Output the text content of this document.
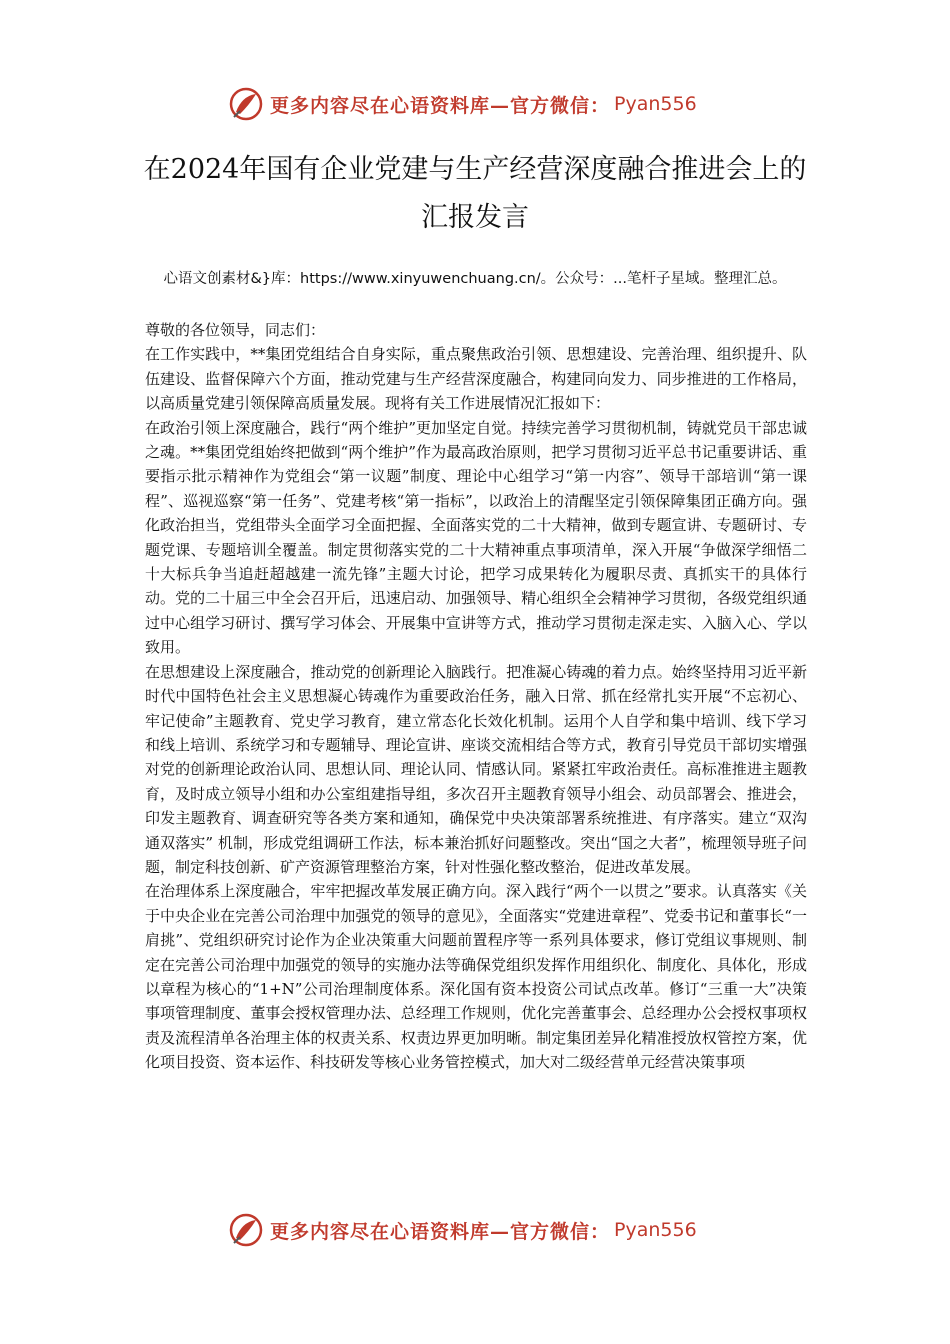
更多内容尽在心语资料库—官方微信： Pyan556
在2024年国有企业党建与生产经营深度融合推进会上的汇报发言
心语文创素材&}库：https://www.xinyuwenchuang.cn/。公众号：...笔杆子星域。整理汇总。

尊敬的各位领导，同志们：

在工作实践中，**集团党组结合自身实际，重点聚焦政治引领、思想建设、完善治理、组织提升、队伍建设、监督保障六个方面，推动党建与生产经营深度融合，构建同向发力、同步推进的工作格局，以高质量党建引领保障高质量发展。现将有关工作进展情况汇报如下：

在政治引领上深度融合，践行“两个维护”更加坚定自觉。持续完善学习贯彻机制，铸就党员干部忠诚之魂。**集团党组始终把做到“两个维护”作为最高政治原则，把学习贯彻习近平总书记重要讲话、重要指示批示精神作为党组会“第一议题”制度、理论中心组学习“第一内容”、领导干部培训“第一课程”、巡视巡察“第一任务”、党建考核“第一指标”，以政治上的清醒坚定引领保障集团正确方向。强化政治担当，党组带头全面学习全面把握、全面落实党的二十大精神，做到专题宣讲、专题研讨、专题党课、专题培训全覆盖。制定贯彻落实党的二十大精神重点事项清单，深入开展“争做深学细悟二十大标兵争当追赶超越建一流先锋”主题大讨论，把学习成果转化为履职尽责、真抓实干的具体行动。党的二十届三中全会召开后，迅速启动、加强领导、精心组织全会精神学习贯彻，各级党组织通过中心组学习研讨、撰写学习体会、开展集中宣讲等方式，推动学习贯彻走深走实、入脑入心、学以致用。

在思想建设上深度融合，推动党的创新理论入脑践行。把准凝心铸魂的着力点。始终坚持用习近平新时代中国特色社会主义思想凝心铸魂作为重要政治任务，融入日常、抓在经常扎实开展“不忘初心、牢记使命”主题教育、党史学习教育，建立常态化长效化机制。运用个人自学和集中培训、线下学习和线上培训、系统学习和专题辅导、理论宣讲、座谈交流相结合等方式，教育引导党员干部切实增强对党的创新理论政治认同、思想认同、理论认同、情感认同。紧紧扛牢政治责任。高标准推进主题教育，及时成立领导小组和办公室组建指导组，多次召开主题教育领导小组会、动员部署会、推进会，印发主题教育、调查研究等各类方案和通知，确保党中央决策部署系统推进、有序落实。建立“双沟通双落实” 机制，形成党组调研工作法，标本兼治抓好问题整改。突出“国之大者”，梳理领导班子问题，制定科技创新、矿产资源管理整治方案，针对性强化整改整治，促进改革发展。

在治理体系上深度融合，牢牢把握改革发展正确方向。深入践行“两个一以贯之”要求。认真落实《关于中央企业在完善公司治理中加强党的领导的意见》，全面落实“党建进章程”、党委书记和董事长“一肩挑”、党组织研究讨论作为企业决策重大问题前置程序等一系列具体要求，修订党组议事规则、制定在完善公司治理中加强党的领导的实施办法等确保党组织发挥作用组织化、制度化、具体化，形成以章程为核心的“1+N”公司治理制度体系。深化国有资本投资公司试点改革。修订“三重一大”决策事项管理制度、董事会授权管理办法、总经理工作规则，优化完善董事会、总经理办公会授权事项权责及流程清单各治理主体的权责关系、权责边界更加明晰。制定集团差异化精准授放权管控方案，优化项目投资、资本运作、科技研发等核心业务管控模式，加大对二级经营单元经营决策事项

更多内容尽在心语资料库—官方微信： Pyan556
